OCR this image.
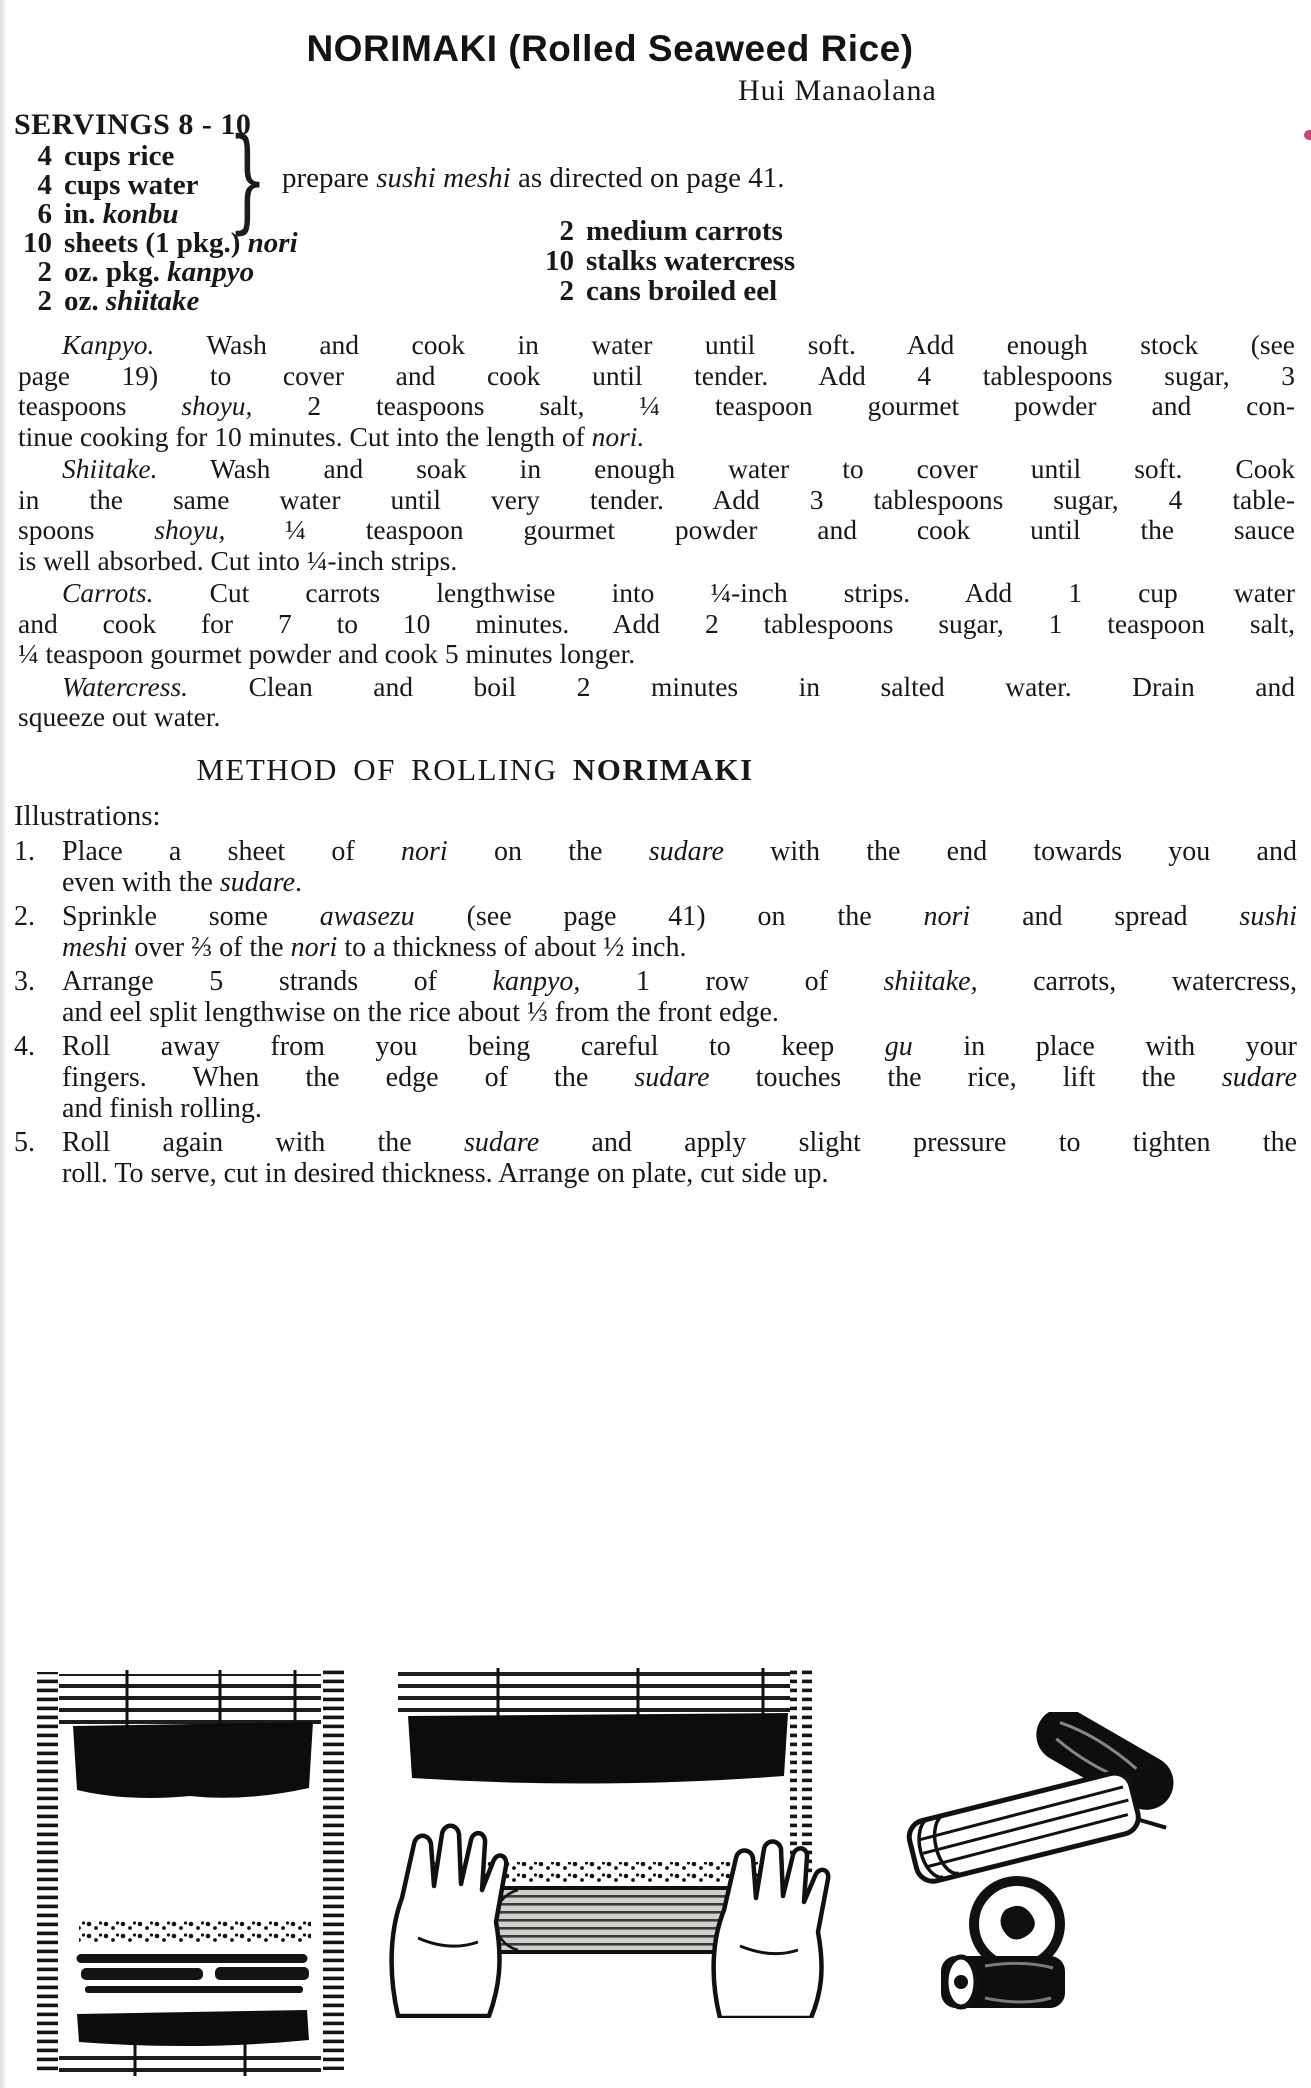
NORIMAKI (Rolled Seaweed Rice)
Hui Manaolana
SERVINGS 8 - 10
4 cups rice
4 cups water
6 in. konbu
10 sheets (1 pkg.) nori
2 oz. pkg. kanpyo
2 oz. shiitake
} prepare sushi meshi as directed on page 41.
2 medium carrots
10 stalks watercress
2 cans broiled eel
Kanpyo. Wash and cook in water until soft. Add enough stock (see
page 19) to cover and cook until tender. Add 4 tablespoons sugar, 3
teaspoons shoyu, 2 teaspoons salt, ¼ teaspoon gourmet powder and con-
tinue cooking for 10 minutes. Cut into the length of nori.
Shiitake. Wash and soak in enough water to cover until soft. Cook
in the same water until very tender. Add 3 tablespoons sugar, 4 table-
spoons shoyu, ¼ teaspoon gourmet powder and cook until the sauce
is well absorbed. Cut into ¼-inch strips.
Carrots. Cut carrots lengthwise into ¼-inch strips. Add 1 cup water
and cook for 7 to 10 minutes. Add 2 tablespoons sugar, 1 teaspoon salt,
¼ teaspoon gourmet powder and cook 5 minutes longer.
Watercress. Clean and boil 2 minutes in salted water. Drain and
squeeze out water.
METHOD OF ROLLING NORIMAKI
Illustrations:
1. Place a sheet of nori on the sudare with the end towards you and
even with the sudare.
2. Sprinkle some awasezu (see page 41) on the nori and spread sushi
meshi over ⅔ of the nori to a thickness of about ½ inch.
3. Arrange 5 strands of kanpyo, 1 row of shiitake, carrots, watercress,
and eel split lengthwise on the rice about ⅓ from the front edge.
4. Roll away from you being careful to keep gu in place with your
fingers. When the edge of the sudare touches the rice, lift the sudare
and finish rolling.
5. Roll again with the sudare and apply slight pressure to tighten the
roll. To serve, cut in desired thickness. Arrange on plate, cut side up.
